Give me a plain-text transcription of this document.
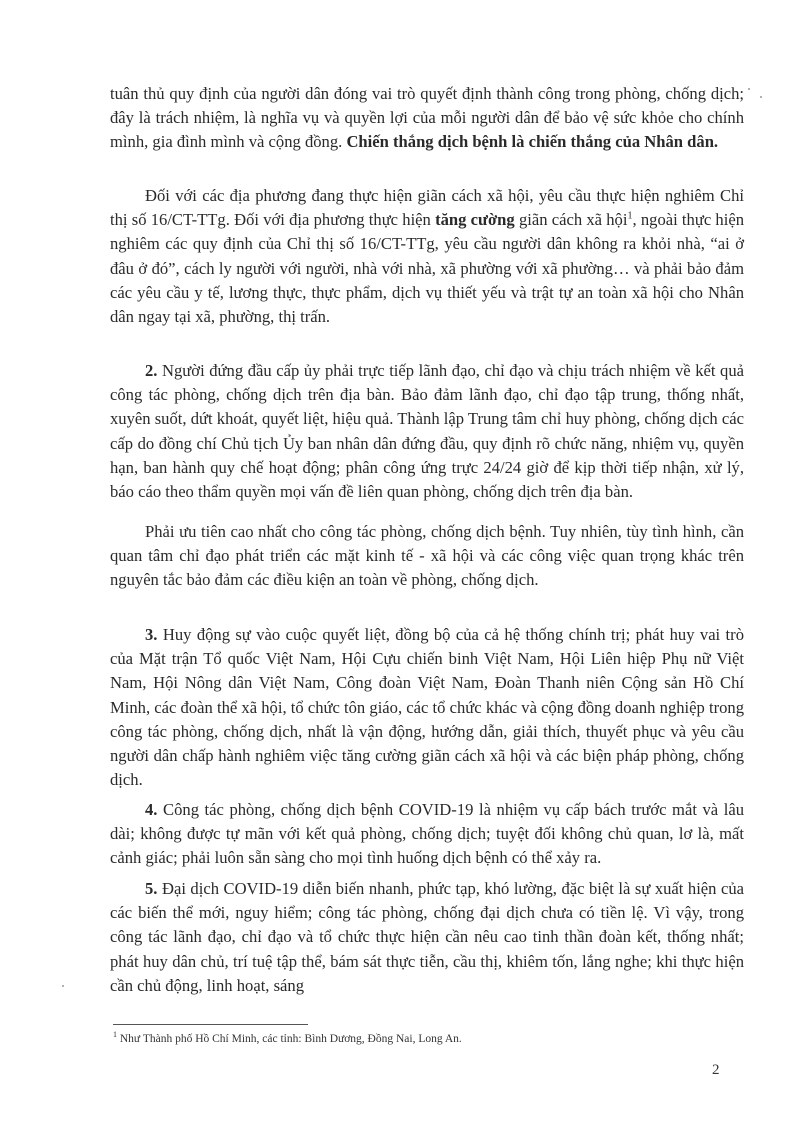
tuân thủ quy định của người dân đóng vai trò quyết định thành công trong phòng, chống dịch; đây là trách nhiệm, là nghĩa vụ và quyền lợi của mỗi người dân để bảo vệ sức khỏe cho chính mình, gia đình mình và cộng đồng. Chiến thắng dịch bệnh là chiến thắng của Nhân dân.

Đối với các địa phương đang thực hiện giãn cách xã hội, yêu cầu thực hiện nghiêm Chỉ thị số 16/CT-TTg. Đối với địa phương thực hiện tăng cường giãn cách xã hội$^1$, ngoài thực hiện nghiêm các quy định của Chỉ thị số 16/CT-TTg, yêu cầu người dân không ra khỏi nhà, “ai ở đâu ở đó”, cách ly người với người, nhà với nhà, xã phường với xã phường… và phải bảo đảm các yêu cầu y tế, lương thực, thực phẩm, dịch vụ thiết yếu và trật tự an toàn xã hội cho Nhân dân ngay tại xã, phường, thị trấn.

2. Người đứng đầu cấp ủy phải trực tiếp lãnh đạo, chỉ đạo và chịu trách nhiệm về kết quả công tác phòng, chống dịch trên địa bàn. Bảo đảm lãnh đạo, chỉ đạo tập trung, thống nhất, xuyên suốt, dứt khoát, quyết liệt, hiệu quả. Thành lập Trung tâm chỉ huy phòng, chống dịch các cấp do đồng chí Chủ tịch Ủy ban nhân dân đứng đầu, quy định rõ chức năng, nhiệm vụ, quyền hạn, ban hành quy chế hoạt động; phân công ứng trực 24/24 giờ để kịp thời tiếp nhận, xử lý, báo cáo theo thẩm quyền mọi vấn đề liên quan phòng, chống dịch trên địa bàn.

Phải ưu tiên cao nhất cho công tác phòng, chống dịch bệnh. Tuy nhiên, tùy tình hình, cần quan tâm chỉ đạo phát triển các mặt kinh tế - xã hội và các công việc quan trọng khác trên nguyên tắc bảo đảm các điều kiện an toàn về phòng, chống dịch.

3. Huy động sự vào cuộc quyết liệt, đồng bộ của cả hệ thống chính trị; phát huy vai trò của Mặt trận Tổ quốc Việt Nam, Hội Cựu chiến binh Việt Nam, Hội Liên hiệp Phụ nữ Việt Nam, Hội Nông dân Việt Nam, Công đoàn Việt Nam, Đoàn Thanh niên Cộng sản Hồ Chí Minh, các đoàn thể xã hội, tổ chức tôn giáo, các tổ chức khác và cộng đồng doanh nghiệp trong công tác phòng, chống dịch, nhất là vận động, hướng dẫn, giải thích, thuyết phục và yêu cầu người dân chấp hành nghiêm việc tăng cường giãn cách xã hội và các biện pháp phòng, chống dịch.

4. Công tác phòng, chống dịch bệnh COVID-19 là nhiệm vụ cấp bách trước mắt và lâu dài; không được tự mãn với kết quả phòng, chống dịch; tuyệt đối không chủ quan, lơ là, mất cảnh giác; phải luôn sẵn sàng cho mọi tình huống dịch bệnh có thể xảy ra.

5. Đại dịch COVID-19 diễn biến nhanh, phức tạp, khó lường, đặc biệt là sự xuất hiện của các biến thể mới, nguy hiểm; công tác phòng, chống đại dịch chưa có tiền lệ. Vì vậy, trong công tác lãnh đạo, chỉ đạo và tổ chức thực hiện cần nêu cao tinh thần đoàn kết, thống nhất; phát huy dân chủ, trí tuệ tập thể, bám sát thực tiễn, cầu thị, khiêm tốn, lắng nghe; khi thực hiện cần chủ động, linh hoạt, sáng

$^1$ Như Thành phố Hồ Chí Minh, các tỉnh: Bình Dương, Đồng Nai, Long An.
2
